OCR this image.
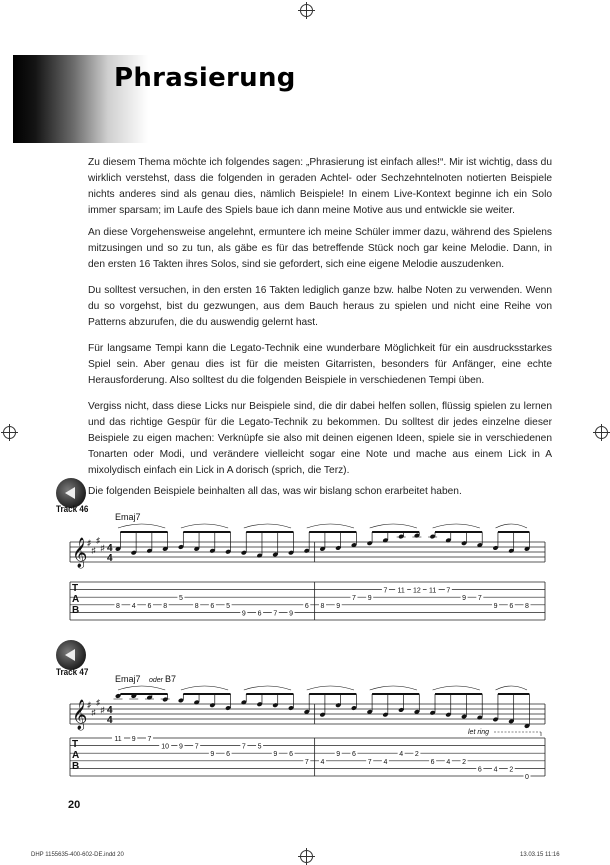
Phrasierung

Zu diesem Thema möchte ich folgendes sagen: „Phrasierung ist einfach alles!“. Mir ist wichtig, dass du wirklich verstehst, dass die folgenden in geraden Achtel- oder Sechzehntelnoten notierten Beispiele nichts anderes sind als genau dies, nämlich Beispiele! In einem Live-Kontext beginne ich ein Solo immer sparsam; im Laufe des Spiels baue ich dann meine Motive aus und entwickle sie weiter.

An diese Vorgehensweise angelehnt, ermuntere ich meine Schüler immer dazu, während des Spielens mitzusingen und so zu tun, als gäbe es für das betreffende Stück noch gar keine Melodie. Dann, in den ersten 16 Takten ihres Solos, sind sie gefordert, sich eine eigene Melodie auszudenken.

Du solltest versuchen, in den ersten 16 Takten lediglich ganze bzw. halbe Noten zu verwenden. Wenn du so vorgehst, bist du gezwungen, aus dem Bauch heraus zu spielen und nicht eine Reihe von Patterns abzurufen, die du auswendig gelernt hast.

Für langsame Tempi kann die Legato-Technik eine wunderbare Möglichkeit für ein ausdrucksstarkes Spiel sein. Aber genau dies ist für die meisten Gitarristen, besonders für Anfänger, eine echte Herausforderung. Also solltest du die folgenden Beispiele in verschiedenen Tempi üben.

Vergiss nicht, dass diese Licks nur Beispiele sind, die dir dabei helfen sollen, flüssig spielen zu lernen und das richtige Gespür für die Legato-Technik zu bekommen. Du solltest dir jedes einzelne dieser Beispiele zu eigen machen: Verknüpfe sie also mit deinen eigenen Ideen, spiele sie in verschiedenen Tonarten oder Modi, und verändere vielleicht sogar eine Note und mache aus einem Lick in A mixolydisch einfach ein Lick in A dorisch (sprich, die Terz).

Die folgenden Beispiele beinhalten all das, was wir bislang schon erarbeitet haben.

Track 46
Emaj7
𝄞 ♯
♯
♯
♯ 4
4
T
A
B	8 4 6 8
5
8 6 5
9 6 7 9
6 8 9
7 9
7 11 12 11 7
9 7
9 6 8
Track 47
Emaj7 oder B7
𝄞 ♯
♯
♯
♯ 4
4
T
A
B
11 9 7
10 9 7
9 6
7 5
9 6
7 4
9 6
7 4
4 2
6 4 2
6 4 2
0
let ring
20
DHP 1155635-400-602-DE.indd 20	13.03.15 11:16
